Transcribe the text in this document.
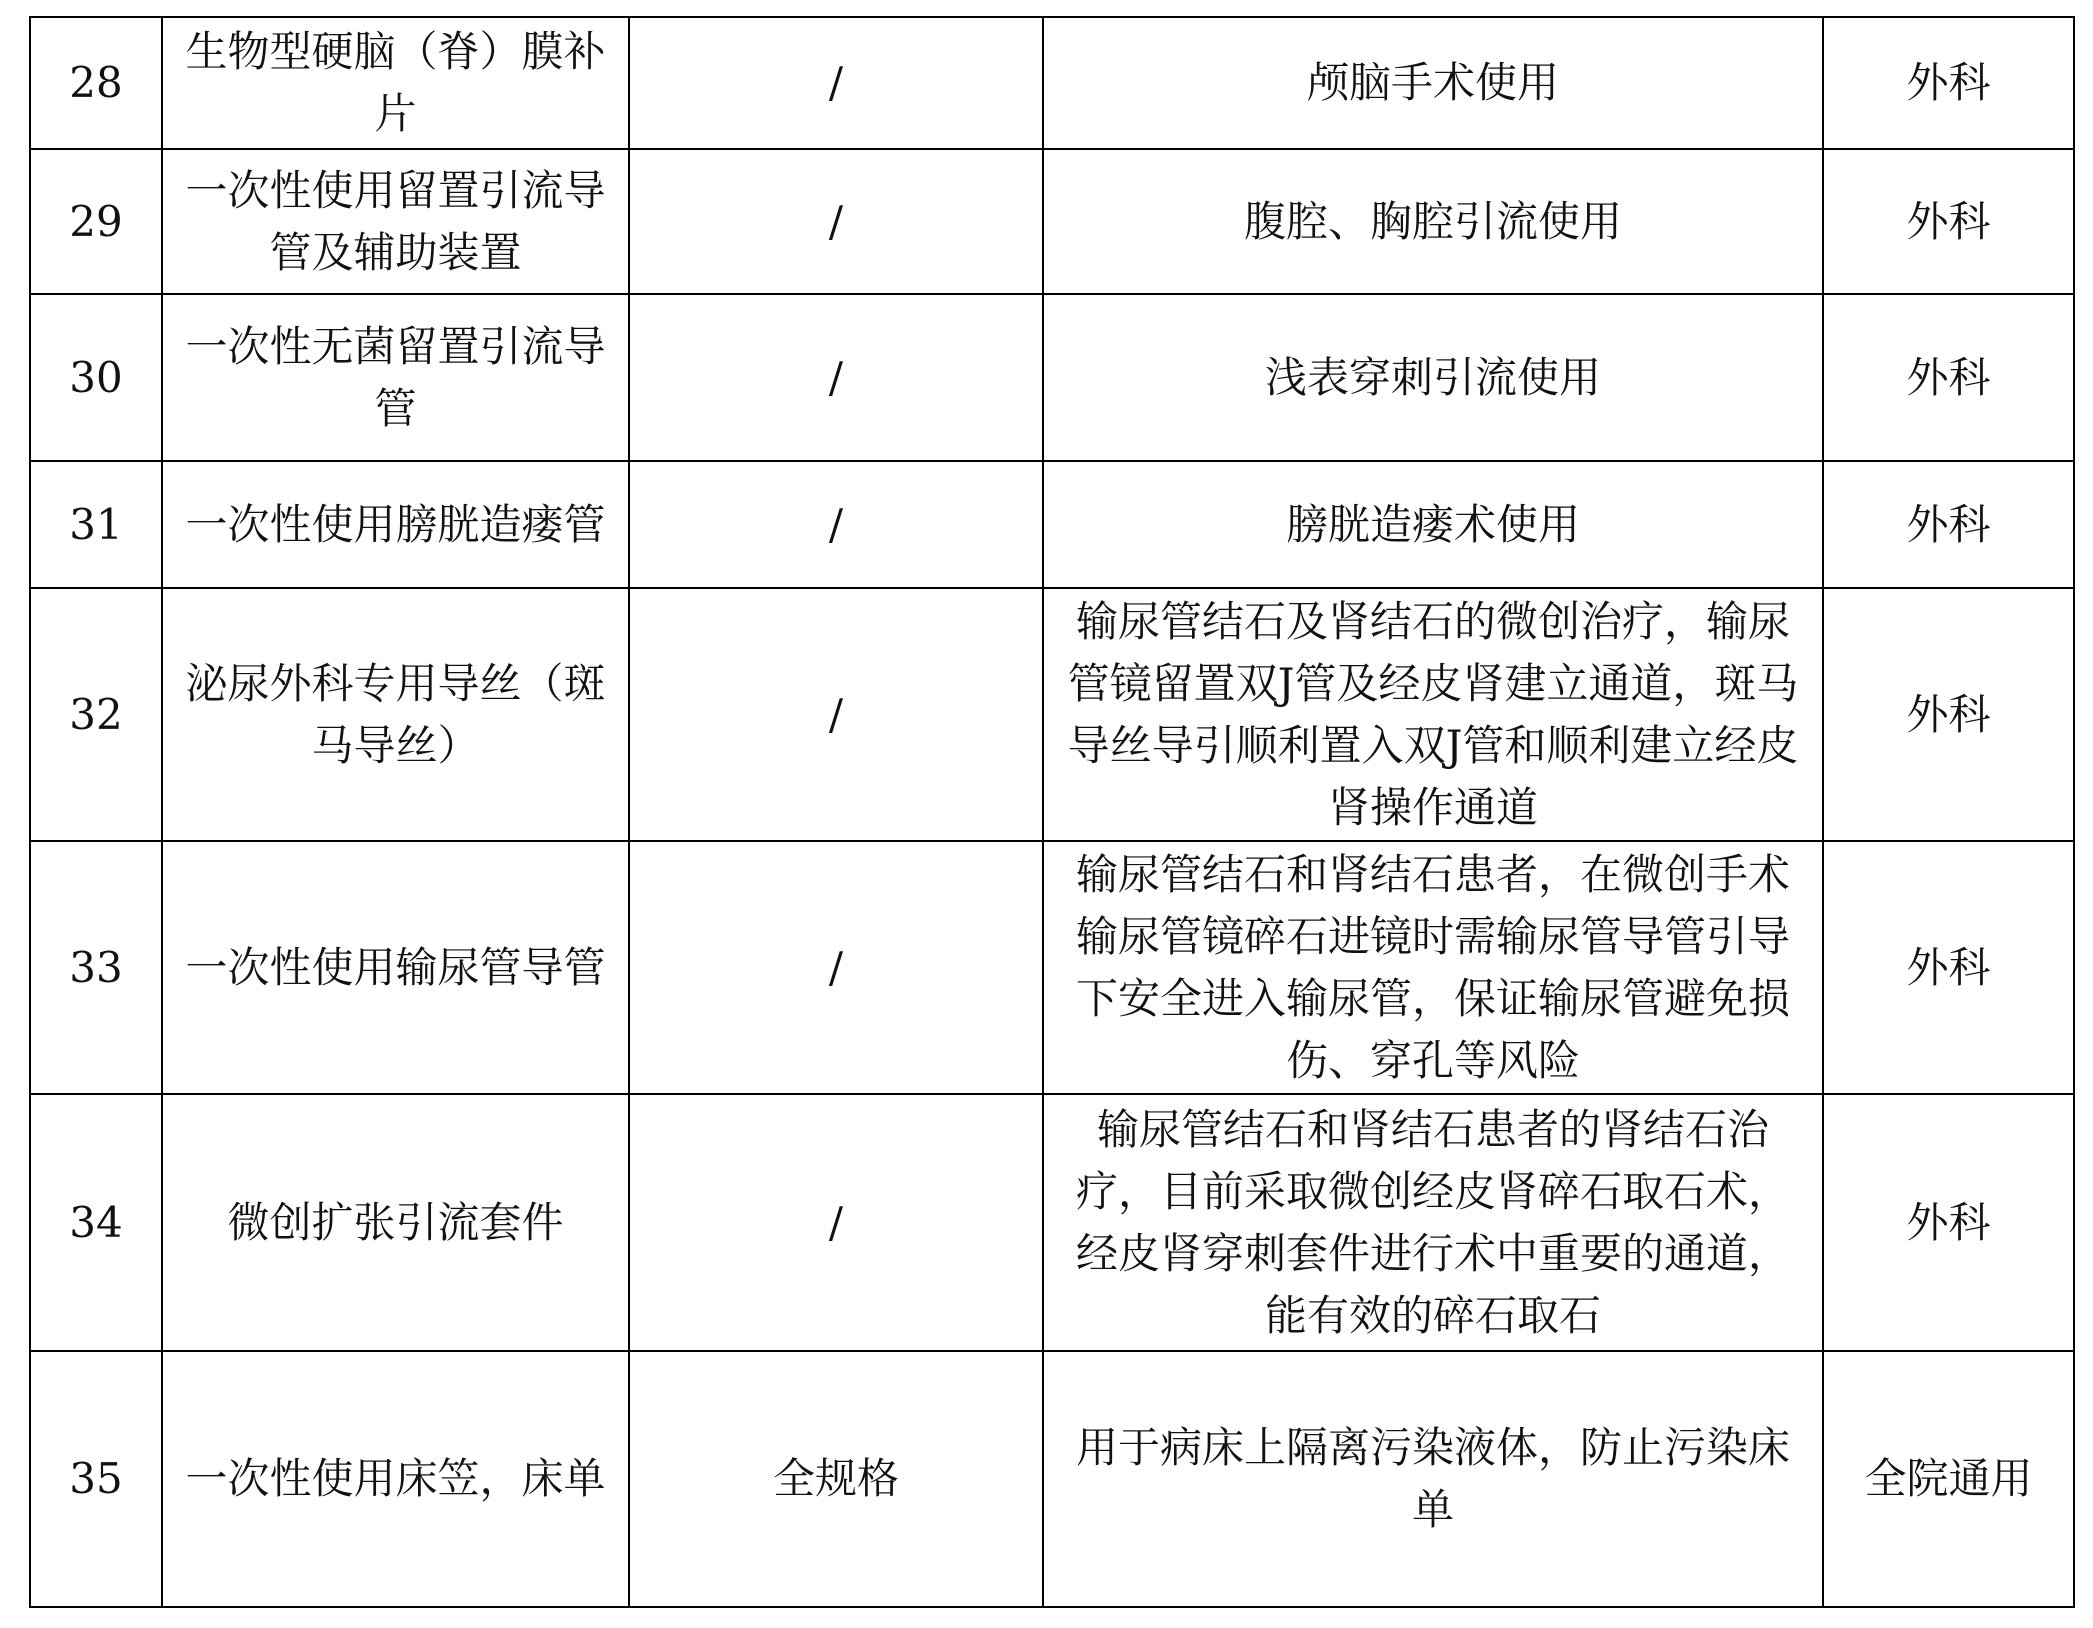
28	生物型硬脑（脊）膜补片	/	颅脑手术使用	外科
29	一次性使用留置引流导管及辅助装置	/	腹腔、胸腔引流使用	外科
30	一次性无菌留置引流导管	/	浅表穿刺引流使用	外科
31	一次性使用膀胱造瘘管	/	膀胱造瘘术使用	外科
32	泌尿外科专用导丝（斑马导丝）	/	输尿管结石及肾结石的微创治疗，输尿管镜留置双J管及经皮肾建立通道，斑马导丝导引顺利置入双J管和顺利建立经皮肾操作通道	外科
33	一次性使用输尿管导管	/	输尿管结石和肾结石患者，在微创手术输尿管镜碎石进镜时需输尿管导管引导下安全进入输尿管，保证输尿管避免损伤、穿孔等风险	外科
34	微创扩张引流套件	/	输尿管结石和肾结石患者的肾结石治疗，目前采取微创经皮肾碎石取石术，经皮肾穿刺套件进行术中重要的通道，能有效的碎石取石	外科
35	一次性使用床笠，床单	全规格	用于病床上隔离污染液体，防止污染床单	全院通用
